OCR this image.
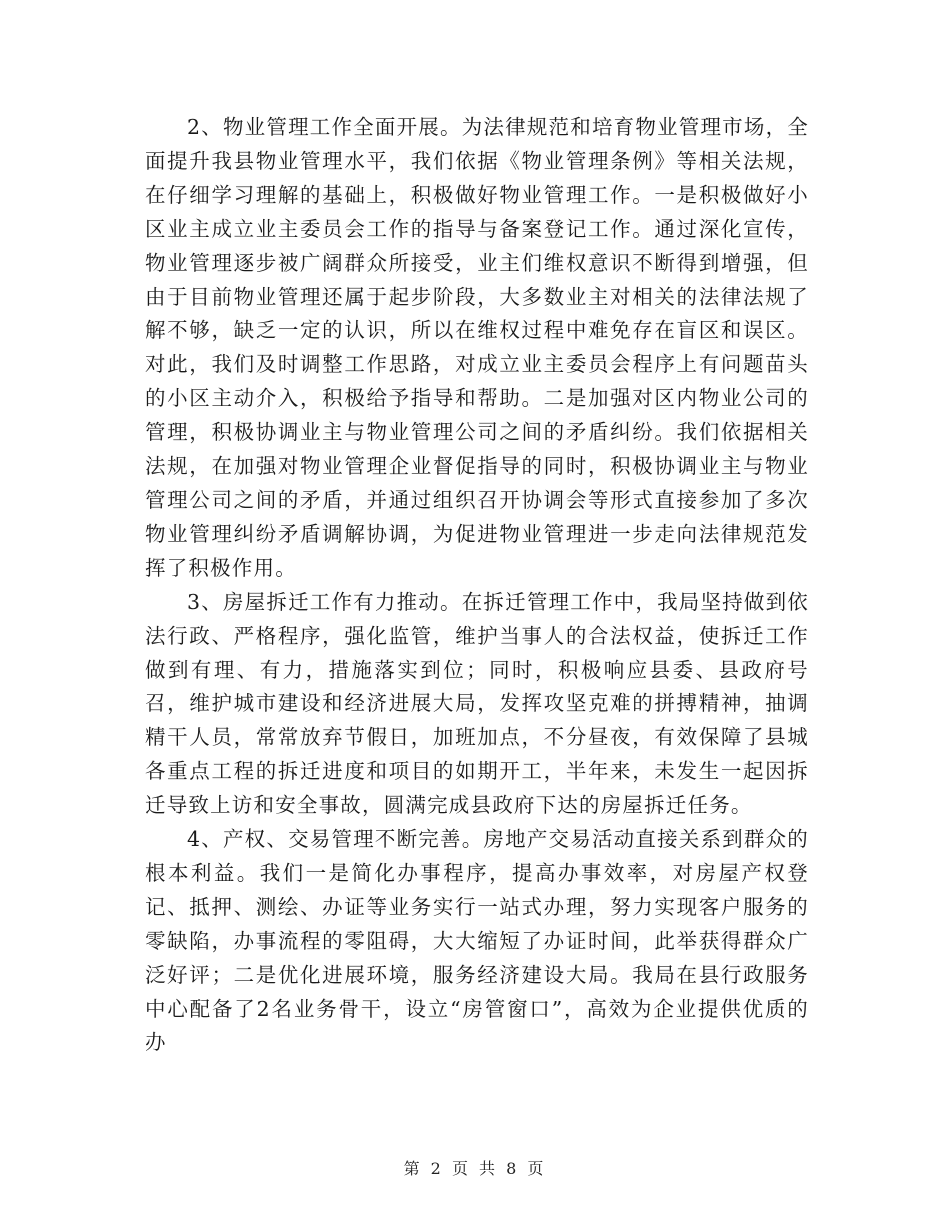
2、物业管理工作全面开展。为法律规范和培育物业管理市场，全面提升我县物业管理水平，我们依据《物业管理条例》等相关法规，在仔细学习理解的基础上，积极做好物业管理工作。一是积极做好小区业主成立业主委员会工作的指导与备案登记工作。通过深化宣传，物业管理逐步被广阔群众所接受，业主们维权意识不断得到增强，但由于目前物业管理还属于起步阶段，大多数业主对相关的法律法规了解不够，缺乏一定的认识，所以在维权过程中难免存在盲区和误区。对此，我们及时调整工作思路，对成立业主委员会程序上有问题苗头的小区主动介入，积极给予指导和帮助。二是加强对区内物业公司的管理，积极协调业主与物业管理公司之间的矛盾纠纷。我们依据相关法规，在加强对物业管理企业督促指导的同时，积极协调业主与物业管理公司之间的矛盾，并通过组织召开协调会等形式直接参加了多次物业管理纠纷矛盾调解协调，为促进物业管理进一步走向法律规范发挥了积极作用。

3、房屋拆迁工作有力推动。在拆迁管理工作中，我局坚持做到依法行政、严格程序，强化监管，维护当事人的合法权益，使拆迁工作做到有理、有力，措施落实到位；同时，积极响应县委、县政府号召，维护城市建设和经济进展大局，发挥攻坚克难的拼搏精神，抽调精干人员，常常放弃节假日，加班加点，不分昼夜，有效保障了县城各重点工程的拆迁进度和项目的如期开工，半年来，未发生一起因拆迁导致上访和安全事故，圆满完成县政府下达的房屋拆迁任务。

4、产权、交易管理不断完善。房地产交易活动直接关系到群众的根本利益。我们一是简化办事程序，提高办事效率，对房屋产权登记、抵押、测绘、办证等业务实行一站式办理，努力实现客户服务的零缺陷，办事流程的零阻碍，大大缩短了办证时间，此举获得群众广泛好评；二是优化进展环境，服务经济建设大局。我局在县行政服务中心配备了2名业务骨干，设立“房管窗口”，高效为企业提供优质的办

第 2 页 共 8 页
